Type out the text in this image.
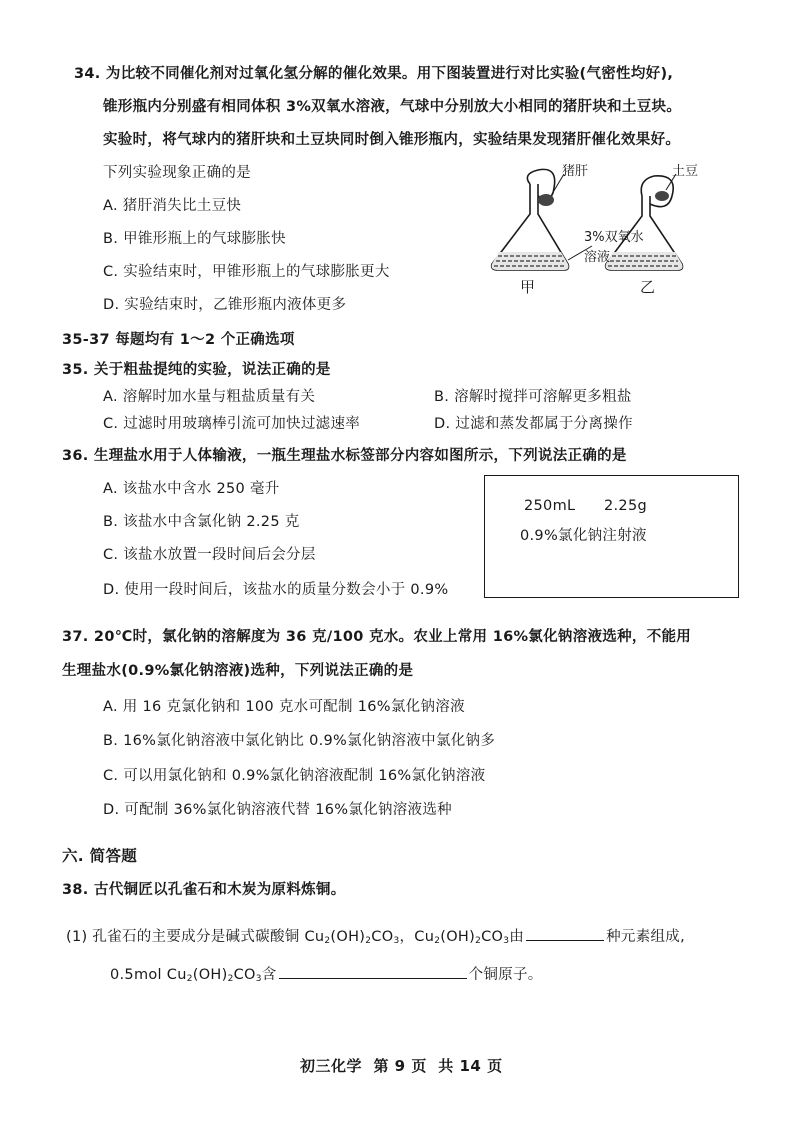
34. 为比较不同催化剂对过氧化氢分解的催化效果。用下图装置进行对比实验(气密性均好),
锥形瓶内分别盛有相同体积 3%双氧水溶液，气球中分别放大小相同的猪肝块和土豆块。
实验时，将气球内的猪肝块和土豆块同时倒入锥形瓶内，实验结果发现猪肝催化效果好。
下列实验现象正确的是
A. 猪肝消失比土豆快
B. 甲锥形瓶上的气球膨胀快
C. 实验结束时，甲锥形瓶上的气球膨胀更大
D. 实验结束时，乙锥形瓶内液体更多
猪肝	土豆
3%双氧水
溶液
甲	乙
35-37 每题均有 1～2 个正确选项
35. 关于粗盐提纯的实验，说法正确的是
A. 溶解时加水量与粗盐质量有关	B. 溶解时搅拌可溶解更多粗盐
C. 过滤时用玻璃棒引流可加快过滤速率	D. 过滤和蒸发都属于分离操作
36. 生理盐水用于人体输液，一瓶生理盐水标签部分内容如图所示，下列说法正确的是
A. 该盐水中含水 250 毫升
B. 该盐水中含氯化钠 2.25 克
C. 该盐水放置一段时间后会分层
D. 使用一段时间后，该盐水的质量分数会小于 0.9%
250mL 2.25g
0.9%氯化钠注射液
37. 20℃时，氯化钠的溶解度为 36 克/100 克水。农业上常用 16%氯化钠溶液选种，不能用
生理盐水(0.9%氯化钠溶液)选种，下列说法正确的是
A. 用 16 克氯化钠和 100 克水可配制 16%氯化钠溶液
B. 16%氯化钠溶液中氯化钠比 0.9%氯化钠溶液中氯化钠多
C. 可以用氯化钠和 0.9%氯化钠溶液配制 16%氯化钠溶液
D. 可配制 36%氯化钠溶液代替 16%氯化钠溶液选种
六. 简答题
38. 古代铜匠以孔雀石和木炭为原料炼铜。
(1) 孔雀石的主要成分是碱式碳酸铜 $Cu_2(OH)_2CO_3$，$Cu_2(OH)_2CO_3$由	种元素组成,
0.5mol $Cu_2(OH)_2CO_3$含	个铜原子。
初三化学  第 9 页  共 14 页
